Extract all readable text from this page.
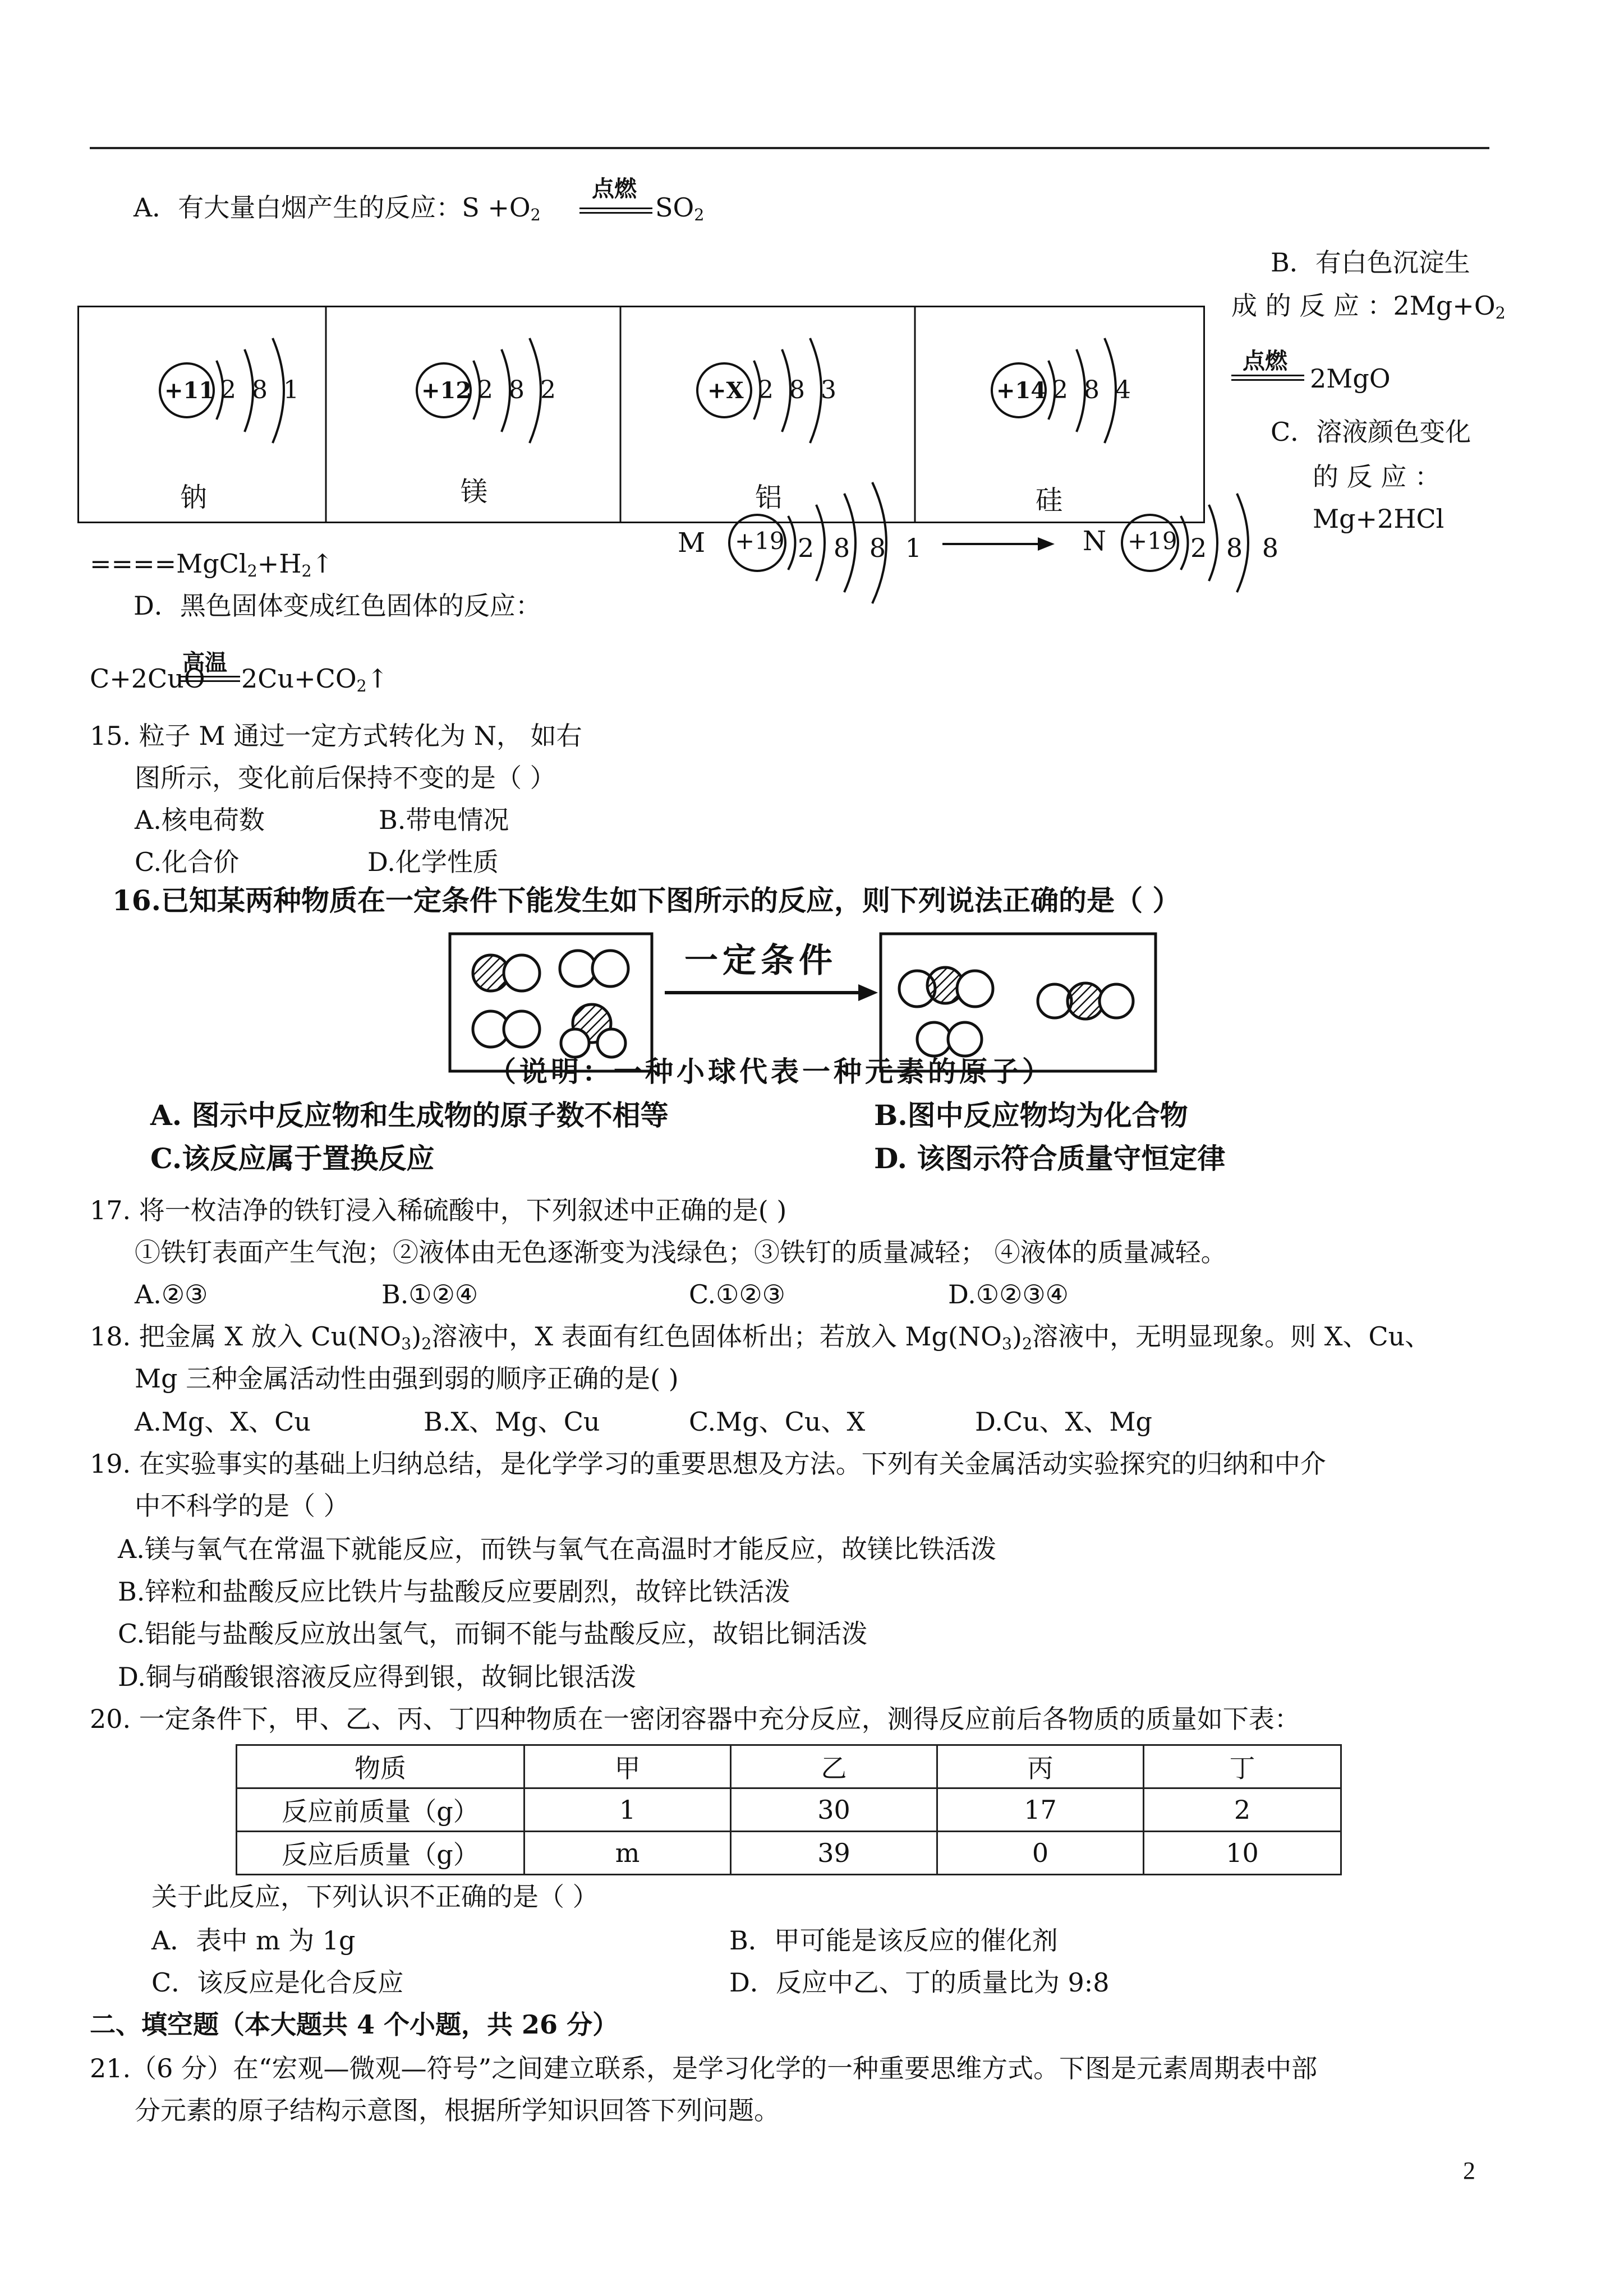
A．有大量白烟产生的反应：$S +O_2$
点燃
$SO_2$
B．有白色沉淀生
成 的 反 应 ：$2Mg+O_2$
点燃
2MgO
C．溶液颜色变化
的 反 应 ：
Mg+2HCl
$====MgCl_2+H_2↑$
D．黑色固体变成红色固体的反应：
C+2CuO
高温
$2Cu+CO_2↑$
+11 2 8 1
钠
+12 2 8 2
镁
+X 2 8 3
铝
+14 2 8 4
硅
M +19 2 8 8 1	N +19 2 8 8
15. 粒子 M 通过一定方式转化为 N， 如右
图所示，变化前后保持不变的是（ ）
A.核电荷数	B.带电情况
C.化合价	D.化学性质
16.已知某两种物质在一定条件下能发生如下图所示的反应，则下列说法正确的是（ ）
一定条件
（说明：一种小球代表一种元素的原子）
A. 图示中反应物和生成物的原子数不相等	B.图中反应物均为化合物
C.该反应属于置换反应	D. 该图示符合质量守恒定律
17. 将一枚洁净的铁钉浸入稀硫酸中，下列叙述中正确的是( )
①铁钉表面产生气泡；②液体由无色逐渐变为浅绿色；③铁钉的质量减轻； ④液体的质量减轻。
A.②③	B.①②④	C.①②③	D.①②③④
18. 把金属 X 放入 $Cu(NO_3)_2$溶液中，X 表面有红色固体析出；若放入 $Mg(NO_3)_2$溶液中，无明显现象。则 X、Cu、
Mg 三种金属活动性由强到弱的顺序正确的是( )
A.Mg、X、Cu	B.X、Mg、Cu	C.Mg、Cu、X	D.Cu、X、Mg
19. 在实验事实的基础上归纳总结，是化学学习的重要思想及方法。下列有关金属活动实验探究的归纳和中介
中不科学的是（ ）
A.镁与氧气在常温下就能反应，而铁与氧气在高温时才能反应，故镁比铁活泼
B.锌粒和盐酸反应比铁片与盐酸反应要剧烈，故锌比铁活泼
C.铝能与盐酸反应放出氢气，而铜不能与盐酸反应，故铝比铜活泼
D.铜与硝酸银溶液反应得到银，故铜比银活泼
20. 一定条件下，甲、乙、丙、丁四种物质在一密闭容器中充分反应，测得反应前后各物质的质量如下表：
物质	甲	乙	丙	丁
反应前质量（g）	1	30	17	2
反应后质量（g）	m	39	0	10
关于此反应，下列认识不正确的是（ ）
A．表中 m 为 1g	B．甲可能是该反应的催化剂
C．该反应是化合反应	D．反应中乙、丁的质量比为 9:8
二、填空题（本大题共 4 个小题，共 26 分）
21.（6 分）在“宏观—微观—符号”之间建立联系，是学习化学的一种重要思维方式。下图是元素周期表中部
分元素的原子结构示意图，根据所学知识回答下列问题。
2
